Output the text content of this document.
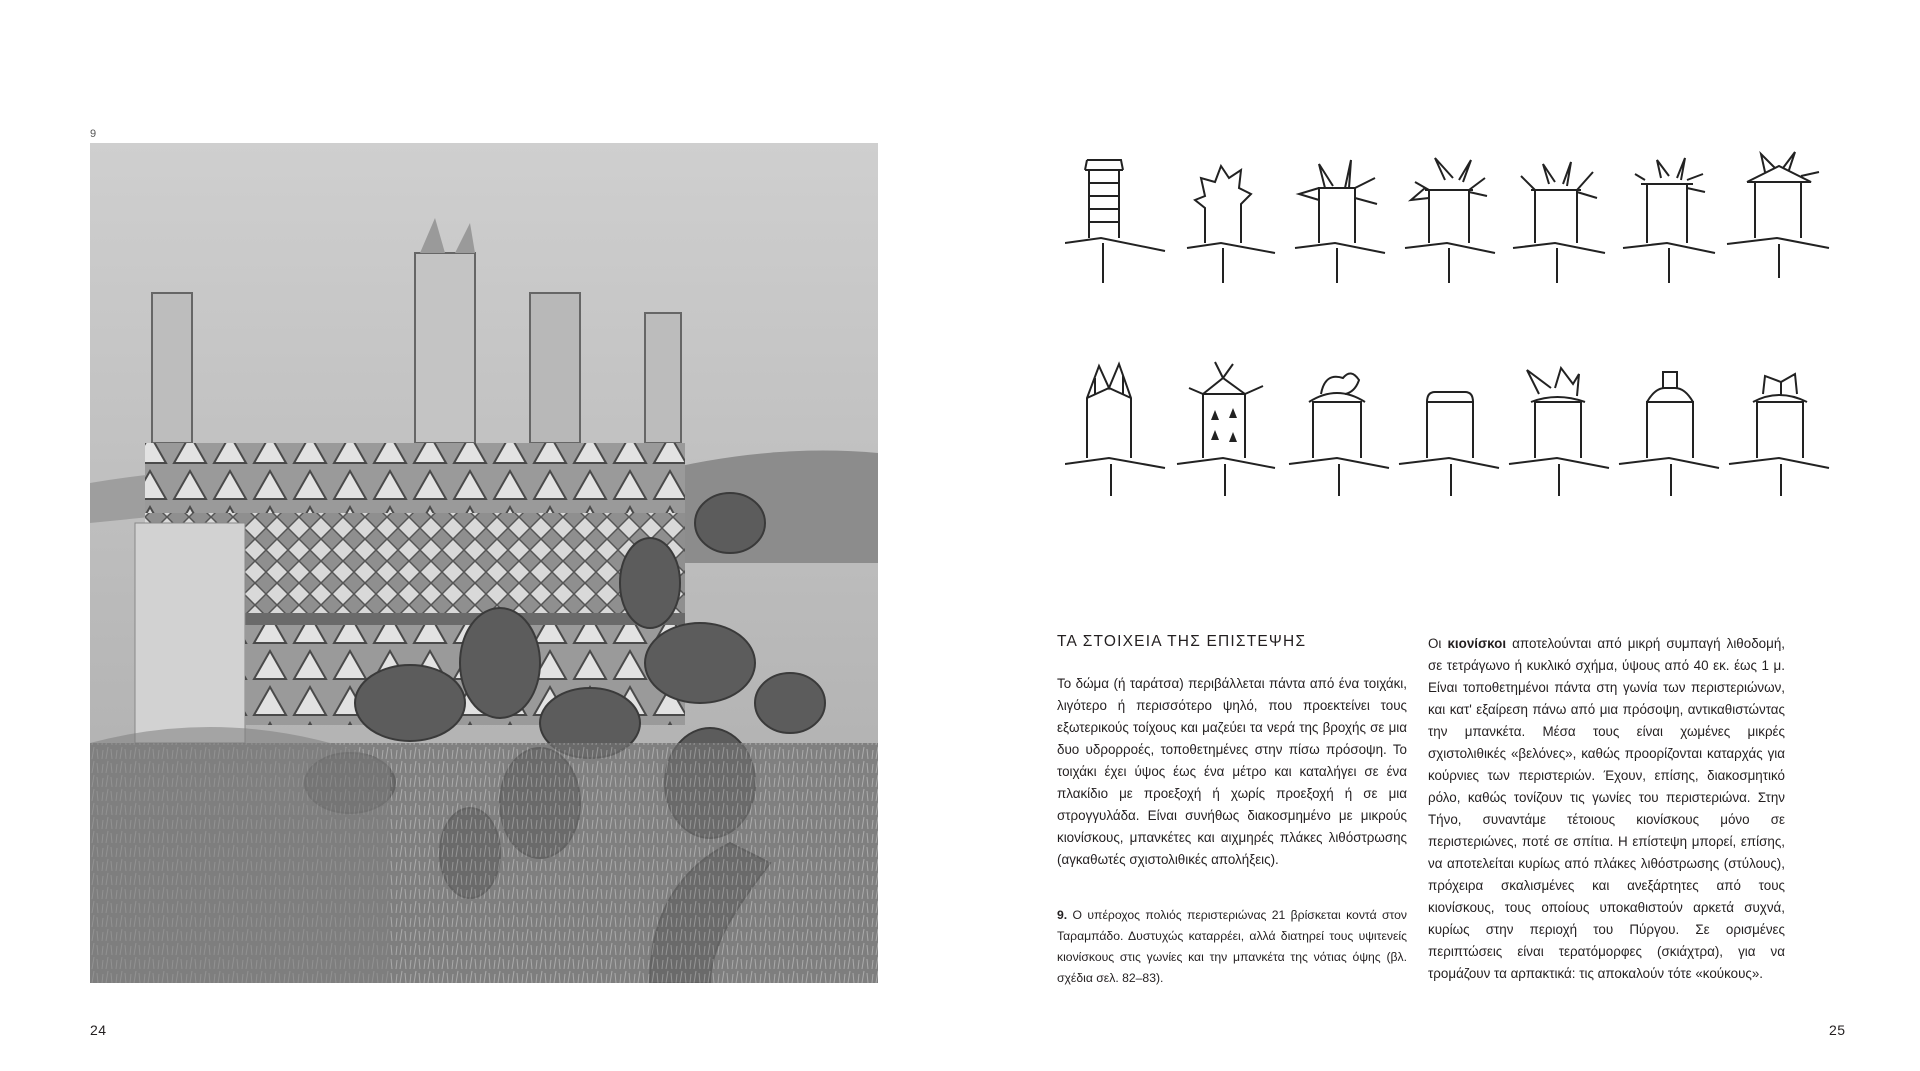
9
ΤΑ ΣΤΟΙΧΕΙΑ ΤΗΣ ΕΠΙΣΤΕΨΗΣ

Το δώμα (ή ταράτσα) περιβάλλεται πάντα από ένα τοιχάκι, λιγότερο ή περισσότερο ψηλό, που προεκτείνει τους εξωτερικούς τοίχους και μαζεύει τα νερά της βροχής σε μια δυο υδρορροές, τοποθετημένες στην πίσω πρόσοψη. Το τοιχάκι έχει ύψος έως ένα μέτρο και καταλήγει σε ένα πλακίδιο με προεξοχή ή χωρίς προεξοχή ή σε μια στρογγυλάδα. Είναι συνήθως διακοσμημένο με μικρούς κιονίσκους, μπανκέτες και αιχμηρές πλάκες λιθόστρωσης (αγκαθωτές σχιστολιθικές απολήξεις).

9. Ο υπέροχος πολιός περιστεριώνας 21 βρίσκεται κοντά στον Ταραμπάδο. Δυστυχώς καταρρέει, αλλά διατηρεί τους υψιτενείς κιονίσκους στις γωνίες και την μπανκέτα της νότιας όψης (βλ. σχέδια σελ. 82–83).

Οι κιονίσκοι αποτελούνται από μικρή συμπαγή λιθοδομή, σε τετράγωνο ή κυκλικό σχήμα, ύψους από 40 εκ. έως 1 μ. Είναι τοποθετημένοι πάντα στη γωνία των περιστεριώνων, και κατ' εξαίρεση πάνω από μια πρόσοψη, αντικαθιστώντας την μπανκέτα. Μέσα τους είναι χωμένες μικρές σχιστολιθικές «βελόνες», καθώς προορίζονται καταρχάς για κούρνιες των περιστεριών. Έχουν, επίσης, διακοσμητικό ρόλο, καθώς τονίζουν τις γωνίες του περιστεριώνα. Στην Τήνο, συναντάμε τέτοιους κιονίσκους μόνο σε περιστεριώνες, ποτέ σε σπίτια. Η επίστεψη μπορεί, επίσης, να αποτελείται κυρίως από πλάκες λιθόστρωσης (στύλους), πρόχειρα σκαλισμένες και ανεξάρτητες από τους κιονίσκους, τους οποίους υποκαθιστούν αρκετά συχνά, κυρίως στην περιοχή του Πύργου. Σε ορισμένες περιπτώσεις είναι τερατόμορφες (σκιάχτρα), για να τρομάζουν τα αρπακτικά: τις αποκαλούν τότε «κούκους».

24	25
